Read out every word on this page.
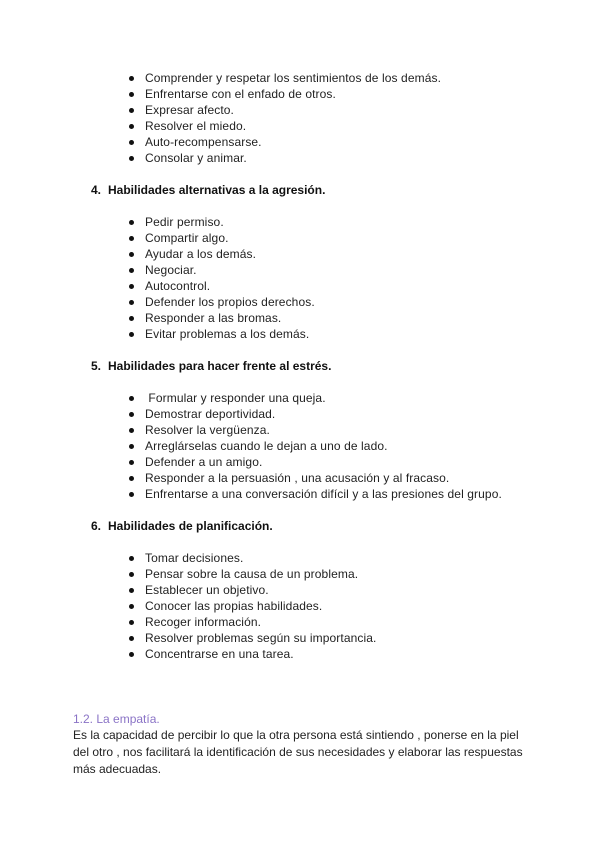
Comprender y respetar los sentimientos de los demás.
Enfrentarse con el enfado de otros.
Expresar afecto.
Resolver el miedo.
Auto-recompensarse.
Consolar y animar.
4. Habilidades alternativas a la agresión.
Pedir permiso.
Compartir algo.
Ayudar a los demás.
Negociar.
Autocontrol.
Defender los propios derechos.
Responder a las bromas.
Evitar problemas a los demás.
5. Habilidades para hacer frente al estrés.
Formular y responder una queja.
Demostrar deportividad.
Resolver la vergüenza.
Arreglárselas cuando le dejan a uno de lado.
Defender a un amigo.
Responder a la persuasión , una acusación y al fracaso.
Enfrentarse a una conversación difícil y a las presiones del grupo.
6. Habilidades de planificación.
Tomar decisiones.
Pensar sobre la causa de un problema.
Establecer un objetivo.
Conocer las propias habilidades.
Recoger información.
Resolver problemas según su importancia.
Concentrarse en una tarea.
1.2. La empatía.
Es la capacidad de percibir lo que la otra persona está sintiendo , ponerse en la piel del otro , nos facilitará la identificación de sus necesidades y elaborar las respuestas más adecuadas.
